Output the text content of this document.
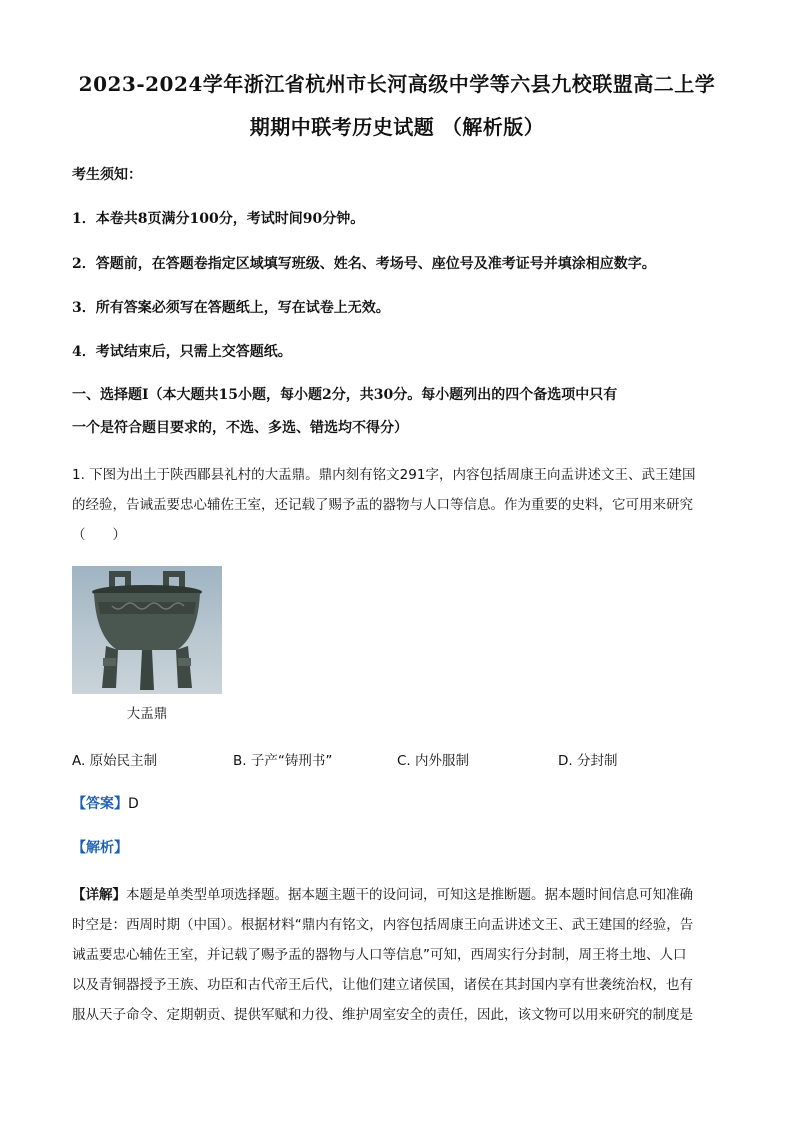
2023-2024学年浙江省杭州市长河高级中学等六县九校联盟高二上学
期期中联考历史试题 （解析版）
考生须知：
1．本卷共8页满分100分，考试时间90分钟。
2．答题前，在答题卷指定区域填写班级、姓名、考场号、座位号及准考证号并填涂相应数字。
3．所有答案必须写在答题纸上，写在试卷上无效。
4．考试结束后，只需上交答题纸。
一、选择题Ⅰ（本大题共15小题，每小题2分，共30分。每小题列出的四个备选项中只有
一个是符合题目要求的，不选、多选、错选均不得分）
1. 下图为出土于陕西郿县礼村的大盂鼎。鼎内刻有铭文291字，内容包括周康王向盂讲述文王、武王建国
的经验，告诫盂要忠心辅佐王室，还记载了赐予盂的器物与人口等信息。作为重要的史料，它可用来研究
（　　）
大盂鼎
A. 原始民主制	B. 子产“铸刑书”	C. 内外服制	D. 分封制
【答案】D
【解析】
【详解】本题是单类型单项选择题。据本题主题干的设问词，可知这是推断题。据本题时间信息可知准确
时空是：西周时期（中国）。根据材料“鼎内有铭文，内容包括周康王向盂讲述文王、武王建国的经验，告
诫盂要忠心辅佐王室，并记载了赐予盂的器物与人口等信息”可知，西周实行分封制，周王将土地、人口
以及青铜器授予王族、功臣和古代帝王后代，让他们建立诸侯国，诸侯在其封国内享有世袭统治权，也有
服从天子命令、定期朝贡、提供军赋和力役、维护周室安全的责任，因此，该文物可以用来研究的制度是
